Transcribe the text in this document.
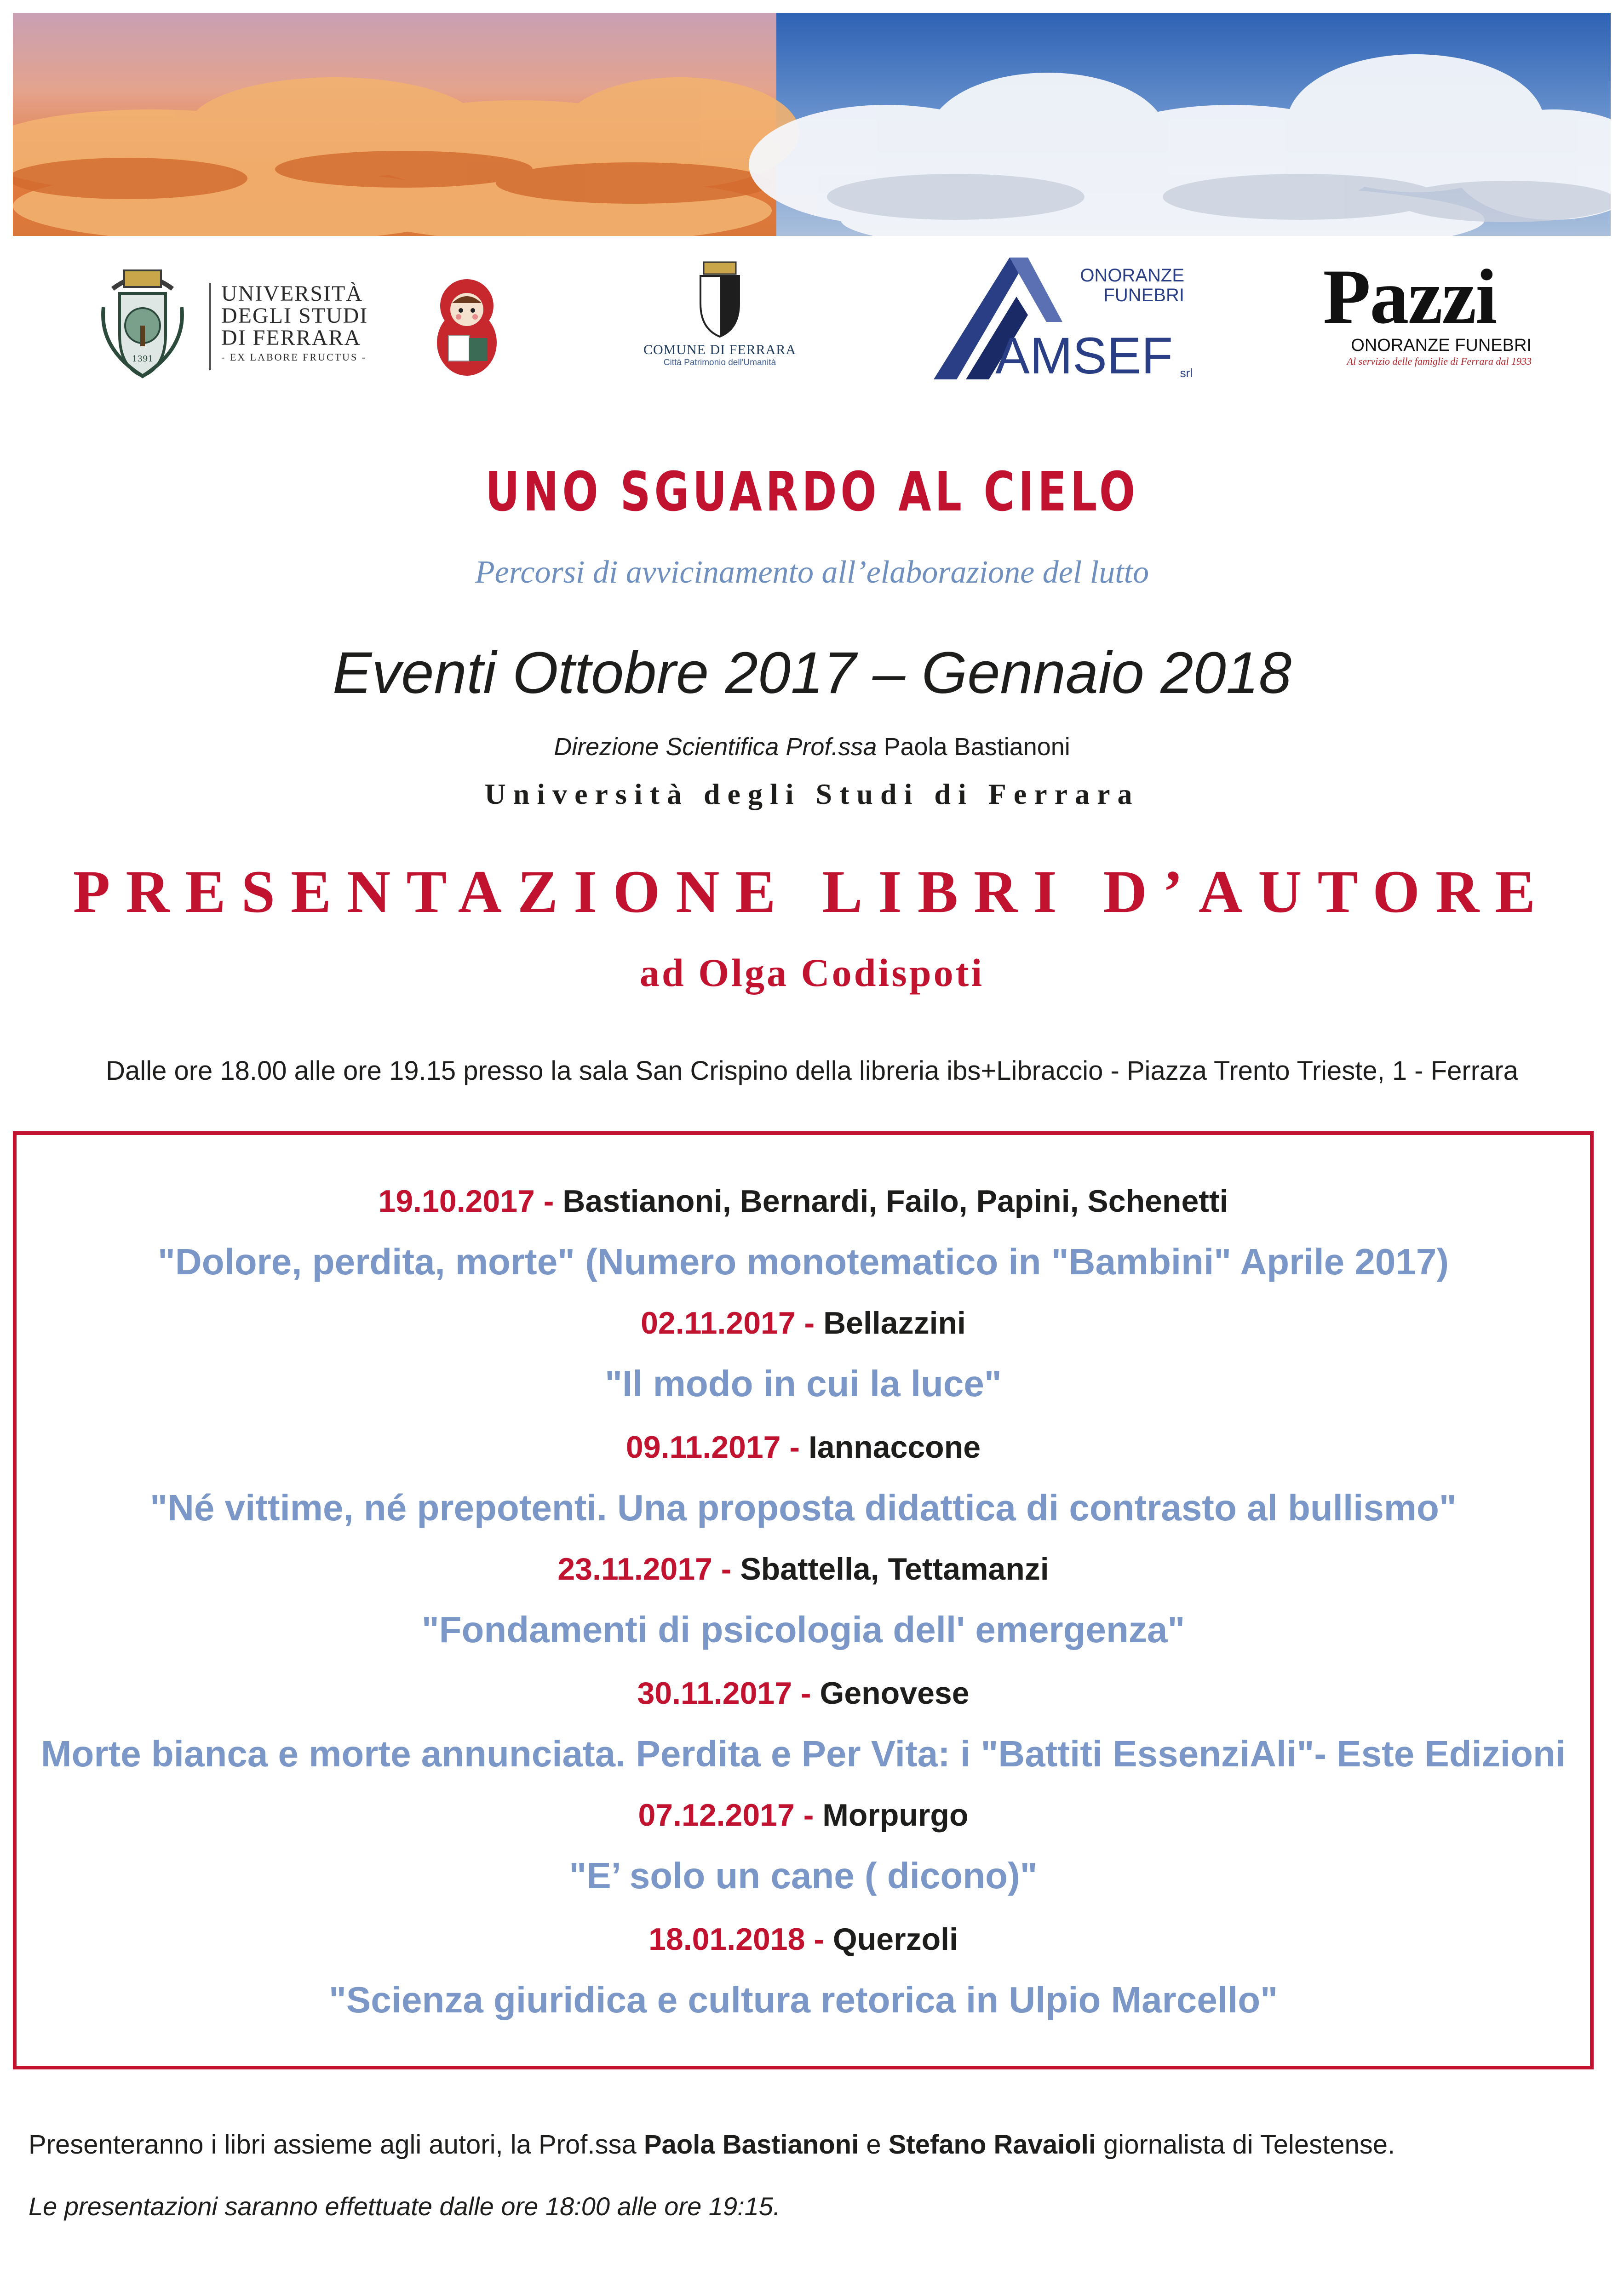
1391
UNIVERSITÀ
DEGLI STUDI
DI FERRARA
- EX LABORE FRUCTUS -	COMUNE DI FERRARA
Città Patrimonio dell'Umanità
ONORANZE
FUNEBRI
AMSEF srl
Pazzi
ONORANZE FUNEBRI
Al servizio delle famiglie di Ferrara dal 1933
UNO SGUARDO AL CIELO
Percorsi di avvicinamento all’elaborazione del lutto
Eventi Ottobre 2017 – Gennaio 2018
Direzione Scientifica Prof.ssa Paola Bastianoni
Università degli Studi di Ferrara
PRESENTAZIONE LIBRI D’AUTORE
ad Olga Codispoti
Dalle ore 18.00 alle ore 19.15 presso la sala San Crispino della libreria ibs+Libraccio - Piazza Trento Trieste, 1 - Ferrara
19.10.2017 - Bastianoni, Bernardi, Failo, Papini, Schenetti
"Dolore, perdita, morte" (Numero monotematico in "Bambini" Aprile 2017)
02.11.2017 - Bellazzini
"Il modo in cui la luce"
09.11.2017 - Iannaccone
"Né vittime, né prepotenti. Una proposta didattica di contrasto al bullismo"
23.11.2017 - Sbattella, Tettamanzi
"Fondamenti di psicologia dell' emergenza"
30.11.2017 - Genovese
Morte bianca e morte annunciata. Perdita e Per Vita: i "Battiti EssenziAli"- Este Edizioni
07.12.2017 - Morpurgo
"E’ solo un cane ( dicono)"
18.01.2018 - Querzoli
"Scienza giuridica e cultura retorica in Ulpio Marcello"
Presenteranno i libri assieme agli autori, la Prof.ssa Paola Bastianoni e Stefano Ravaioli giornalista di Telestense.
Le presentazioni saranno effettuate dalle ore 18:00 alle ore 19:15.
